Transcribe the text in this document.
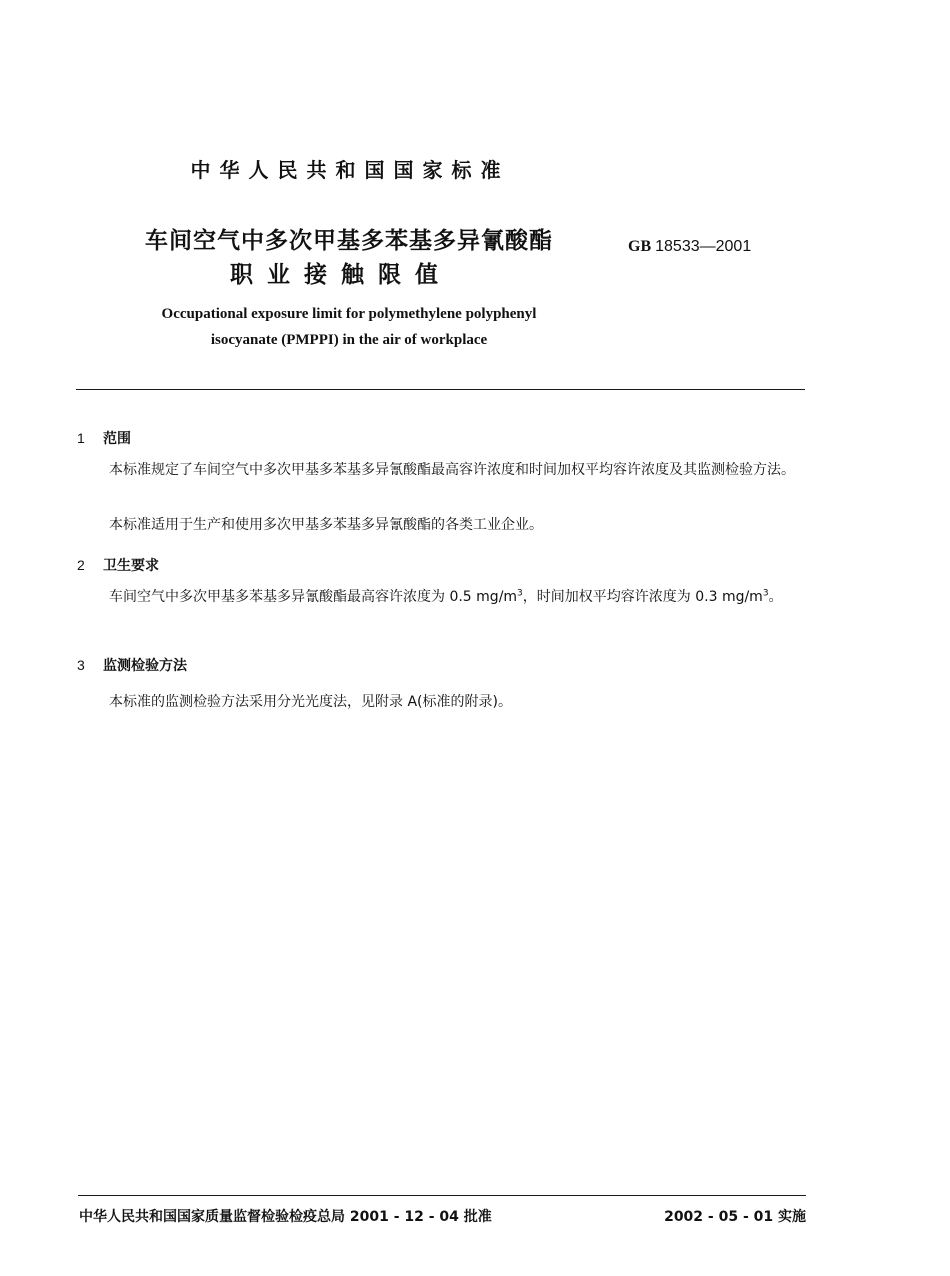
中华人民共和国国家标准
车间空气中多次甲基多苯基多异氰酸酯
职业接触限值
GB 18533—2001
Occupational exposure limit for polymethylene polyphenyl
isocyanate (PMPPI) in the air of workplace
1 范围
本标准规定了车间空气中多次甲基多苯基多异氰酸酯最高容许浓度和时间加权平均容许浓度及其监测检验方法。
本标准适用于生产和使用多次甲基多苯基多异氰酸酯的各类工业企业。
2 卫生要求
车间空气中多次甲基多苯基多异氰酸酯最高容许浓度为 0.5 $mg/m^3$，时间加权平均容许浓度为 0.3 $mg/m^3$。
3 监测检验方法
本标准的监测检验方法采用分光光度法，见附录 A(标准的附录)。
中华人民共和国国家质量监督检验检疫总局 2001 - 12 - 04 批准	2002 - 05 - 01 实施
